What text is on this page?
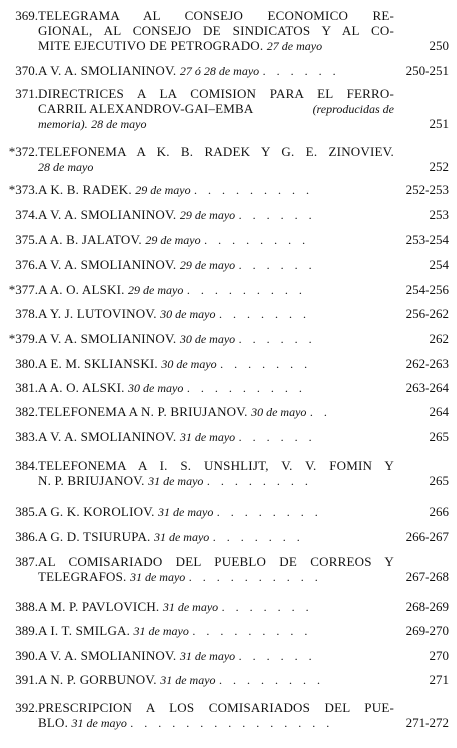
369. TELEGRAMA AL CONSEJO ECONOMICO RE-
GIONAL, AL CONSEJO DE SINDICATOS Y AL CO-
MITE EJECUTIVO DE PETROGRADO. 27 de mayo	250
370. A V. A. SMOLIANINOV. 27 ó 28 de mayo . . . . . .	250-251
371. DIRECTRICES A LA COMISION PARA EL FERRO-
CARRIL ALEXANDROV-GAI–EMBA	(reproducidas de
memoria). 28 de mayo	251
*372. TELEFONEMA A K. B. RADEK Y G. E. ZINOVIEV.
28 de mayo	252
*373. A K. B. RADEK. 29 de mayo . . . . . . . . .	252-253
374. A V. A. SMOLIANINOV. 29 de mayo . . . . . .	253
375. A A. B. JALATOV. 29 de mayo . . . . . . . .	253-254
376. A V. A. SMOLIANINOV. 29 de mayo . . . . . .	254
*377. A A. O. ALSKI. 29 de mayo . . . . . . . . .	254-256
378. A Y. J. LUTOVINOV. 30 de mayo . . . . . . .	256-262
*379. A V. A. SMOLIANINOV. 30 de mayo . . . . . .	262
380. A E. M. SKLIANSKI. 30 de mayo . . . . . . .	262-263
381. A A. O. ALSKI. 30 de mayo . . . . . . . . .	263-264
382. TELEFONEMA A N. P. BRIUJANOV. 30 de mayo . .	264
383. A V. A. SMOLIANINOV. 31 de mayo . . . . . .	265
384. TELEFONEMA A I. S. UNSHLIJT, V. V. FOMIN Y
N. P. BRIUJANOV. 31 de mayo . . . . . . . .	265
385. A G. K. KOROLIOV. 31 de mayo . . . . . . . .	266
386. A G. D. TSIURUPA. 31 de mayo . . . . . . .	266-267
387. AL COMISARIADO DEL PUEBLO DE CORREOS Y
TELEGRAFOS. 31 de mayo . . . . . . . . . .	267-268
388. A M. P. PAVLOVICH. 31 de mayo . . . . . . .	268-269
389. A I. T. SMILGA. 31 de mayo . . . . . . . . .	269-270
390. A V. A. SMOLIANINOV. 31 de mayo . . . . . .	270
391. A N. P. GORBUNOV. 31 de mayo . . . . . . . .	271
392. PRESCRIPCION A LOS COMISARIADOS DEL PUE-
BLO. 31 de mayo . . . . . . . . . . . . . . .	271-272
